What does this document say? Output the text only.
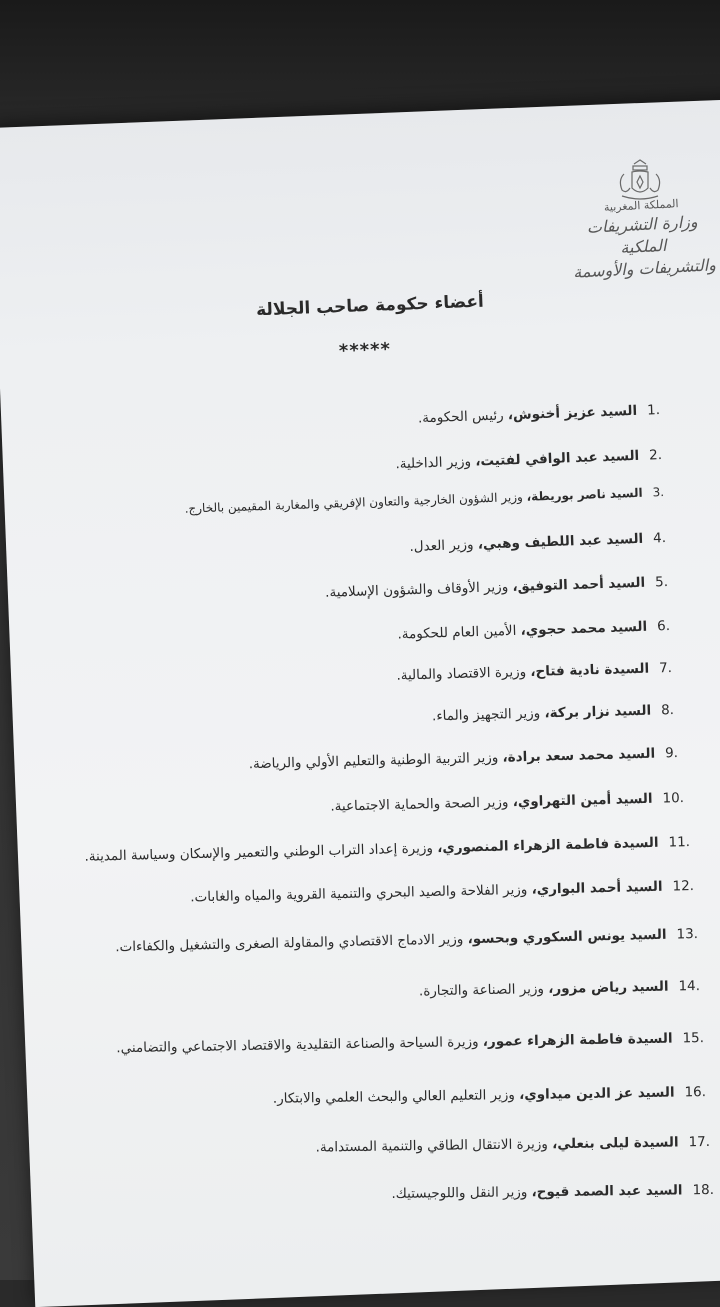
المملكة المغربية
وزارة التشريفات الملكية
والتشريفات والأوسمة
أعضاء حكومة صاحب الجلالة
*****
1.السيد عزيز أخنوش، رئيس الحكومة.
2.السيد عبد الوافي لفتيت، وزير الداخلية.
3.السيد ناصر بوريطة، وزير الشؤون الخارجية والتعاون الإفريقي والمغاربة المقيمين بالخارج.
4.السيد عبد اللطيف وهبي، وزير العدل.
5.السيد أحمد التوفيق، وزير الأوقاف والشؤون الإسلامية.
6.السيد محمد حجوي، الأمين العام للحكومة.
7.السيدة نادية فتاح، وزيرة الاقتصاد والمالية.
8.السيد نزار بركة، وزير التجهيز والماء.
9.السيد محمد سعد برادة، وزير التربية الوطنية والتعليم الأولي والرياضة.
10.السيد أمين التهراوي، وزير الصحة والحماية الاجتماعية.
11.السيدة فاطمة الزهراء المنصوري، وزيرة إعداد التراب الوطني والتعمير والإسكان وسياسة المدينة.
12.السيد أحمد البواري، وزير الفلاحة والصيد البحري والتنمية القروية والمياه والغابات.
13.السيد يونس السكوري وبحسو، وزير الادماج الاقتصادي والمقاولة الصغرى والتشغيل والكفاءات.
14.السيد رياض مزور، وزير الصناعة والتجارة.
15.السيدة فاطمة الزهراء عمور، وزيرة السياحة والصناعة التقليدية والاقتصاد الاجتماعي والتضامني.
16.السيد عز الدين ميداوي، وزير التعليم العالي والبحث العلمي والابتكار.
17.السيدة ليلى بنعلي، وزيرة الانتقال الطاقي والتنمية المستدامة.
18.السيد عبد الصمد قيوح، وزير النقل واللوجيستيك.
